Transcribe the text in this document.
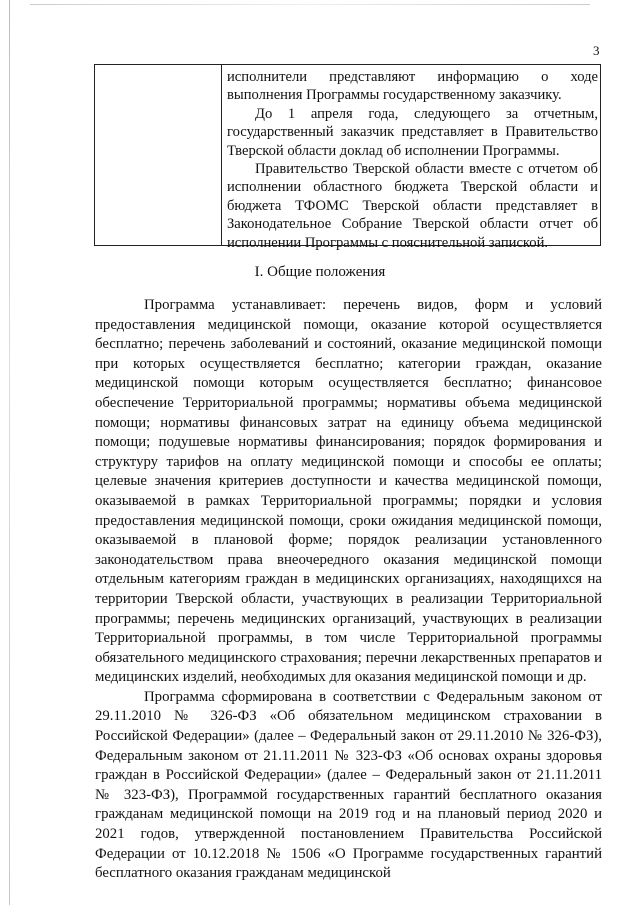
3

исполнители представляют информацию о ходе выполнения Программы государственному заказчику.

До 1 апреля года, следующего за отчетным, государственный заказчик представляет в Правительство Тверской области доклад об исполнении Программы.

Правительство Тверской области вместе с отчетом об исполнении областного бюджета Тверской области и бюджета ТФОМС Тверской области представляет в Законодательное Собрание Тверской области отчет об исполнении Программы с пояснительной запиской.

I. Общие положения

Программа устанавливает: перечень видов, форм и условий предоставления медицинской помощи, оказание которой осуществляется бесплатно; перечень заболеваний и состояний, оказание медицинской помощи при которых осуществляется бесплатно; категории граждан, оказание медицинской помощи которым осуществляется бесплатно; финансовое обеспечение Территориальной программы; нормативы объема медицинской помощи; нормативы финансовых затрат на единицу объема медицинской помощи; подушевые нормативы финансирования; порядок формирования и структуру тарифов на оплату медицинской помощи и способы ее оплаты; целевые значения критериев доступности и качества медицинской помощи, оказываемой в рамках Территориальной программы; порядки и условия предоставления медицинской помощи, сроки ожидания медицинской помощи, оказываемой в плановой форме; порядок реализации установленного законодательством права внеочередного оказания медицинской помощи отдельным категориям граждан в медицинских организациях, находящихся на территории Тверской области, участвующих в реализации Территориальной программы; перечень медицинских организаций, участвующих в реализации Территориальной программы, в том числе Территориальной программы обязательного медицинского страхования; перечни лекарственных препаратов и медицинских изделий, необходимых для оказания медицинской помощи и др.

Программа сформирована в соответствии с Федеральным законом от 29.11.2010 № 326-ФЗ «Об обязательном медицинском страховании в Российской Федерации» (далее – Федеральный закон от 29.11.2010 № 326-ФЗ), Федеральным законом от 21.11.2011 № 323-ФЗ «Об основах охраны здоровья граждан в Российской Федерации» (далее – Федеральный закон от 21.11.2011 № 323-ФЗ), Программой государственных гарантий бесплатного оказания гражданам медицинской помощи на 2019 год и на плановый период 2020 и 2021 годов, утвержденной постановлением Правительства Российской Федерации от 10.12.2018 № 1506 «О Программе государственных гарантий бесплатного оказания гражданам медицинской
